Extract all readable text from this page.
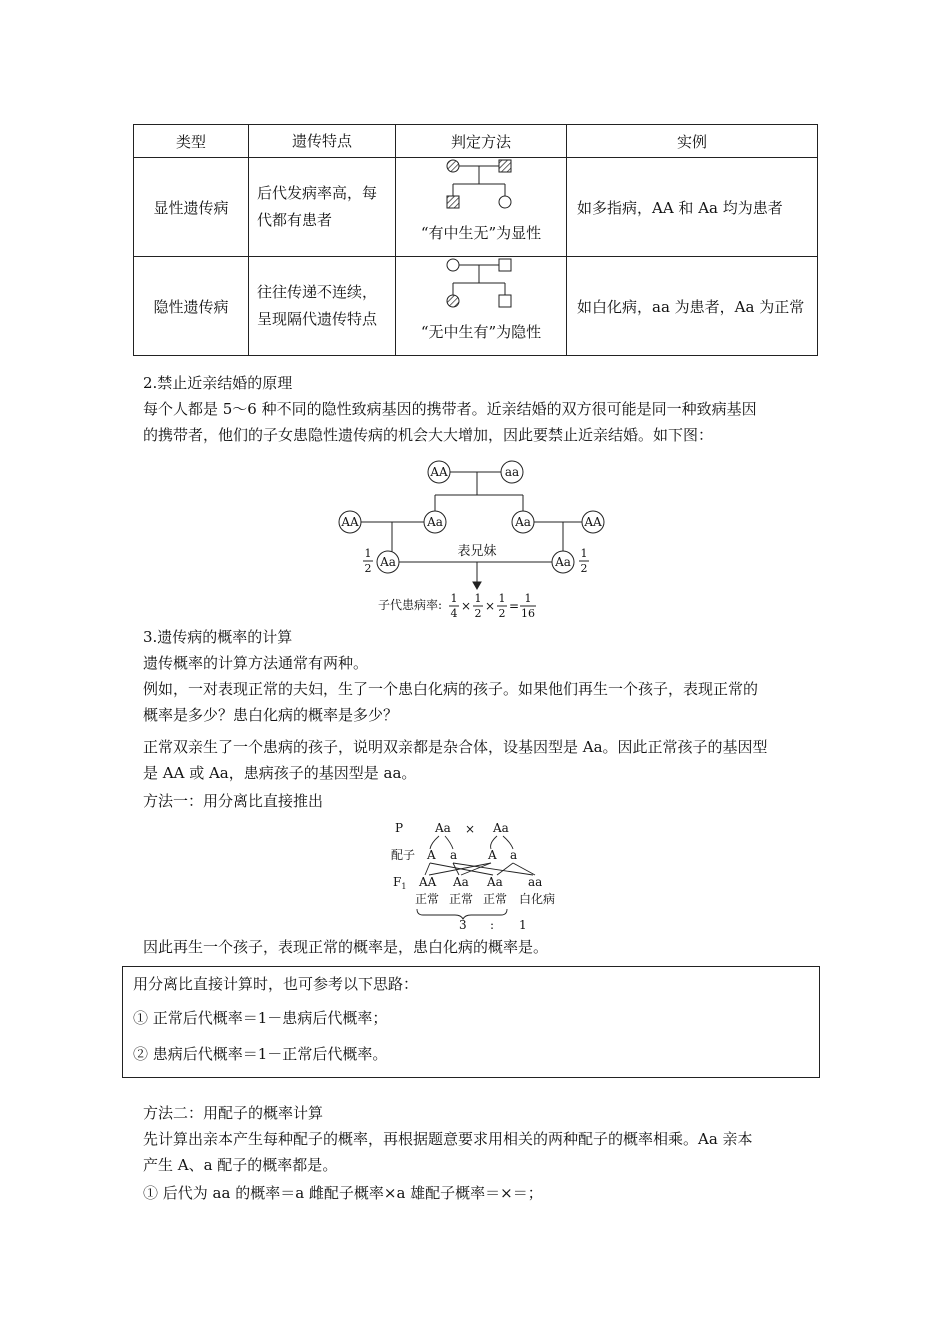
类型	遗传特点	判定方法	实例
显性遗传病	后代发病率高，每代都有患者	“有中生无”为显性	如多指病，AA 和 Aa 均为患者
隐性遗传病	往往传递不连续，呈现隔代遗传特点	“无中生有”为隐性	如白化病，aa 为患者，Aa 为正常
2.禁止近亲结婚的原理
每个人都是 5～6 种不同的隐性致病基因的携带者。近亲结婚的双方很可能是同一种致病基因
的携带者，他们的子女患隐性遗传病的机会大大增加，因此要禁止近亲结婚。如下图：
AA	aa
AA	Aa	Aa	AA
Aa	Aa
表兄妹
1
2
1
2
子代患病率: 1
4
×
1
2
×
1
2
=
1
16
3.遗传病的概率的计算
遗传概率的计算方法通常有两种。
例如，一对表现正常的夫妇，生了一个患白化病的孩子。如果他们再生一个孩子，表现正常的
概率是多少？患白化病的概率是多少？
正常双亲生了一个患病的孩子，说明双亲都是杂合体，设基因型是 Aa。因此正常孩子的基因型
是 AA 或 Aa，患病孩子的基因型是 aa。
方法一：用分离比直接推出
P	Aa × Aa
配子 A a	A a
$F_1$ AA Aa Aa aa
正常 正常 正常 白化病
3 : 1
因此再生一个孩子，表现正常的概率是，患白化病的概率是。
用分离比直接计算时，也可参考以下思路：
① 正常后代概率＝1－患病后代概率；
② 患病后代概率＝1－正常后代概率。
方法二：用配子的概率计算
先计算出亲本产生每种配子的概率，再根据题意要求用相关的两种配子的概率相乘。Aa 亲本
产生 A、a 配子的概率都是。
① 后代为 aa 的概率＝a 雌配子概率×a 雄配子概率＝×＝；
